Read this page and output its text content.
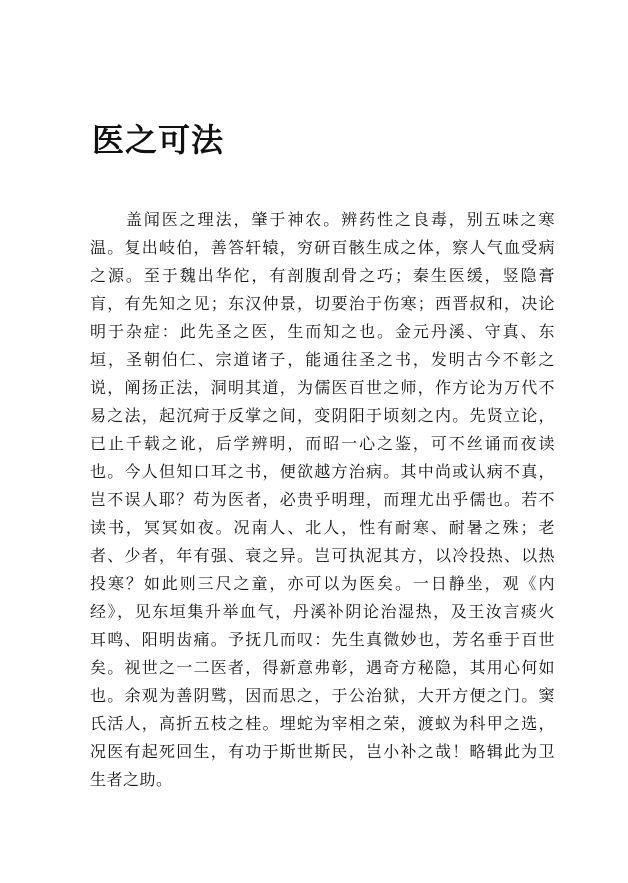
医之可法
　　盖闻医之理法，肇于神农。辨药性之良毒，别五味之寒
温。复出岐伯，善答轩辕，穷研百骸生成之体，察人气血受病
之源。至于魏出华佗，有剖腹刮骨之巧；秦生医缓，竖隐膏
肓，有先知之见；东汉仲景，切要治于伤寒；西晋叔和，决论
明于杂症：此先圣之医，生而知之也。金元丹溪、守真、东
垣，圣朝伯仁、宗道诸子，能通往圣之书，发明古今不彰之
说，阐扬正法，洞明其道，为儒医百世之师，作方论为万代不
易之法，起沉疴于反掌之间，变阴阳于顷刻之内。先贤立论，
已止千载之讹，后学辨明，而昭一心之鉴，可不丝诵而夜读
也。今人但知口耳之书，便欲越方治病。其中尚或认病不真，
岂不误人耶？苟为医者，必贵乎明理，而理尤出乎儒也。若不
读书，冥冥如夜。况南人、北人，性有耐寒、耐暑之殊；老
者、少者，年有强、衰之异。岂可执泥其方，以冷投热、以热
投寒？如此则三尺之童，亦可以为医矣。一日静坐，观《内
经》，见东垣集升举血气，丹溪补阴论治湿热，及王汝言痰火
耳鸣、阳明齿痛。予抚几而叹：先生真微妙也，芳名垂于百世
矣。视世之一二医者，得新意弗彰，遇奇方秘隐，其用心何如
也。余观为善阴骘，因而思之，于公治狱，大开方便之门。窦
氏活人，高折五枝之桂。埋蛇为宰相之荣，渡蚁为科甲之选，
况医有起死回生，有功于斯世斯民，岂小补之哉！略辑此为卫
生者之助。
